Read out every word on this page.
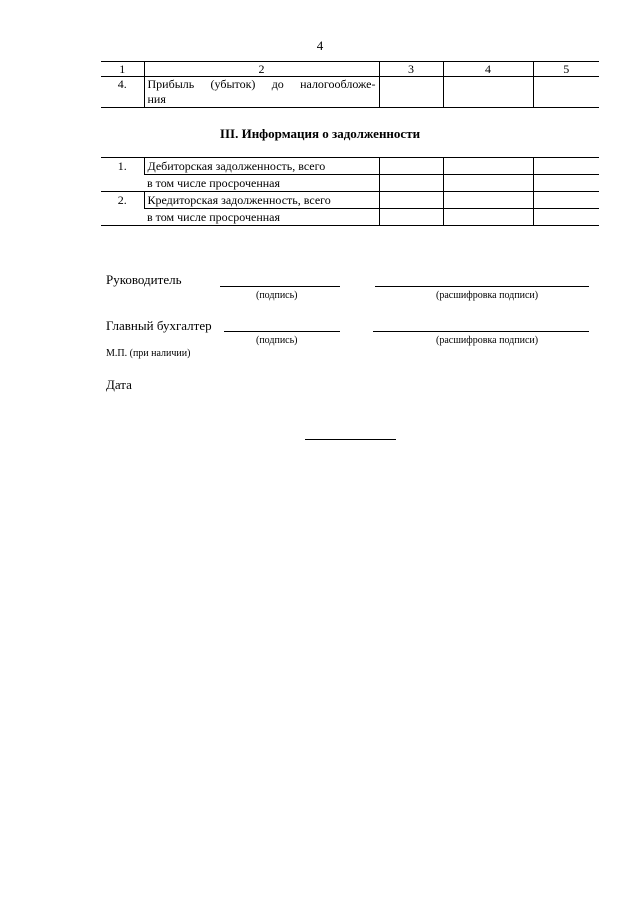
4
1	2	3	4	5
4.	Прибыль (убыток) до налогообложе-
ния			
III. Информация о задолженности
1.	Дебиторская задолженность, всего			
	в том числе просроченная			
2.	Кредиторская задолженность, всего			
	в том числе просроченная			
Руководитель
(подпись)	(расшифровка подписи)
Главный бухгалтер
(подпись)	(расшифровка подписи)
М.П. (при наличии)
Дата
